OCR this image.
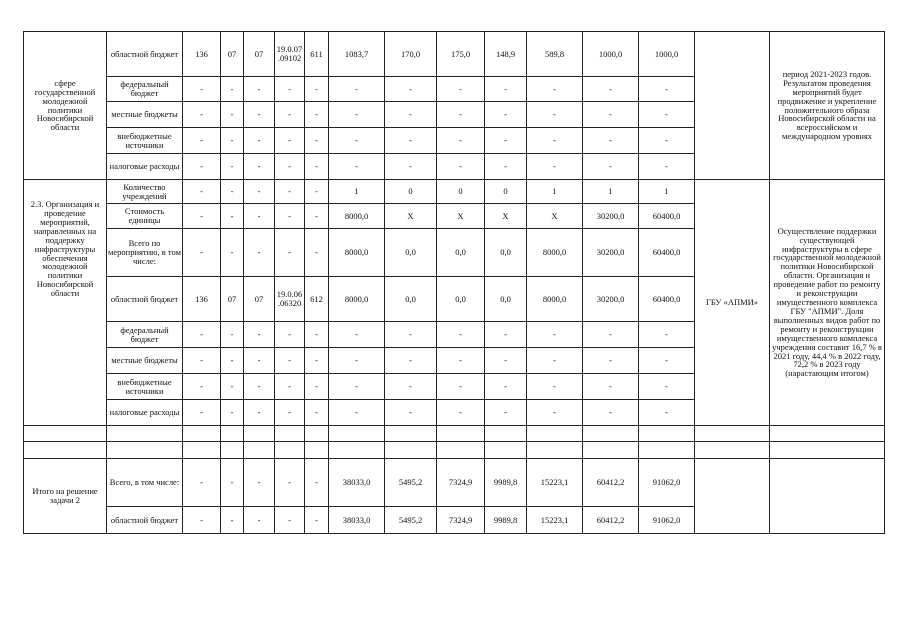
сфере государственной молодежной политики Новосибирской области	областной бюджет	136	07	07	19.0.07.09102	611	1083,7	170,0	175,0	148,9	589,8	1000,0	1000,0		период 2021-2023 годов. Результатом проведения мероприятий будет продвижение и укрепление положительного образа Новосибирской области на всероссийском и международном уровнях
	федеральный бюджет	-	-	-	-	-	-	-	-	-	-	-	-		
	местные бюджеты	-	-	-	-	-	-	-	-	-	-	-	-		
	внебюджетные источники	-	-	-	-	-	-	-	-	-	-	-	-		
	налоговые расходы	-	-	-	-	-	-	-	-	-	-	-	-		
2.3. Организация и проведение мероприятий, направленных на поддержку инфраструктуры обеспечения молодежной политики Новосибирской области	Количество учреждений	-	-	-	-	-	1	0	0	0	1	1	1	ГБУ «АПМИ»	Осуществление поддержки существующей инфраструктуры в сфере государственной молодежной политики Новосибирской области. Организация и проведение работ по ремонту и реконструкции имущественного комплекса ГБУ "АПМИ". Доля выполненных видов работ по ремонту и реконструкции имущественного комплекса учреждения составит 16,7 % в 2021 году, 44,4 % в 2022 году, 72,2 % в 2023 году (нарастающим итогом)
	Стоимость единицы	-	-	-	-	-	8000,0	X	X	X	X	30200,0	60400,0		
	Всего по мероприятию, в том числе:	-	-	-	-	-	8000,0	0,0	0,0	0,0	8000,0	30200,0	60400,0		
	областной бюджет	136	07	07	19.0.06.06320	612	8000,0	0,0	0,0	0,0	8000,0	30200,0	60400,0		
	федеральный бюджет	-	-	-	-	-	-	-	-	-	-	-	-		
	местные бюджеты	-	-	-	-	-	-	-	-	-	-	-	-		
	внебюджетные источники	-	-	-	-	-	-	-	-	-	-	-	-		
	налоговые расходы	-	-	-	-	-	-	-	-	-	-	-	-		

Итого на решение задачи 2	Всего, в том числе:	-	-	-	-	-	38033,0	5495,2	7324,9	9989,8	15223,1	60412,2	91062,0		
	областной бюджет	-	-	-	-	-	38033,0	5495,2	7324,9	9989,8	15223,1	60412,2	91062,0		
